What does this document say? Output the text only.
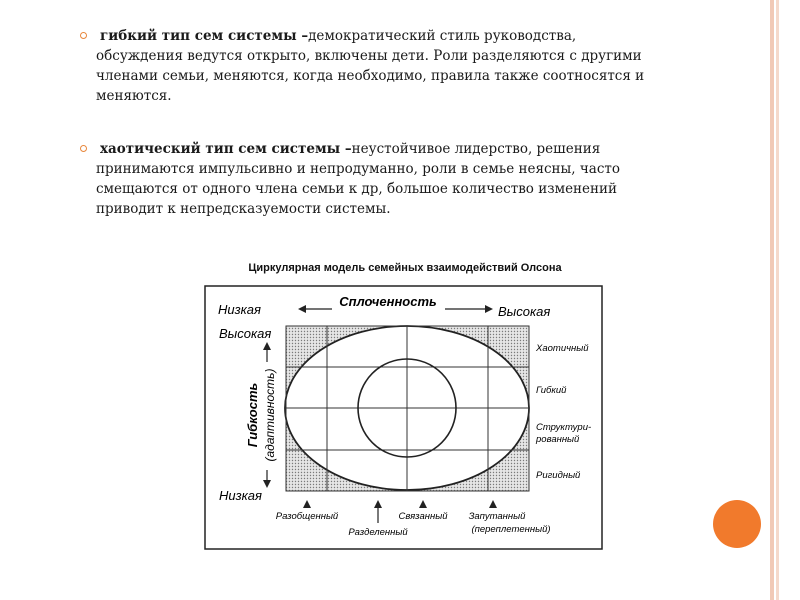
гибкий тип сем системы –демократический стиль руководства, обсуждения ведутся открыто, включены дети. Роли разделяются с другими членами семьи, меняются, когда необходимо, правила также соотносятся и меняются.
хаотический тип сем системы –неустойчивое лидерство, решения принимаются импульсивно и непродуманно, роли в семье неясны, часто смещаются от одного члена семьи к др, большое количество изменений приводит к непредсказуемости системы.
Циркулярная модель семейных взаимодействий Олсона
Низкая
Сплоченность
Высокая
Высокая
Низкая
Гибкость (адаптивность)
Хаотичный
Гибкий
Структури-
рованный
Ригидный
Разобщенный
Разделенный
Связанный Запутанный
(переплетенный)
